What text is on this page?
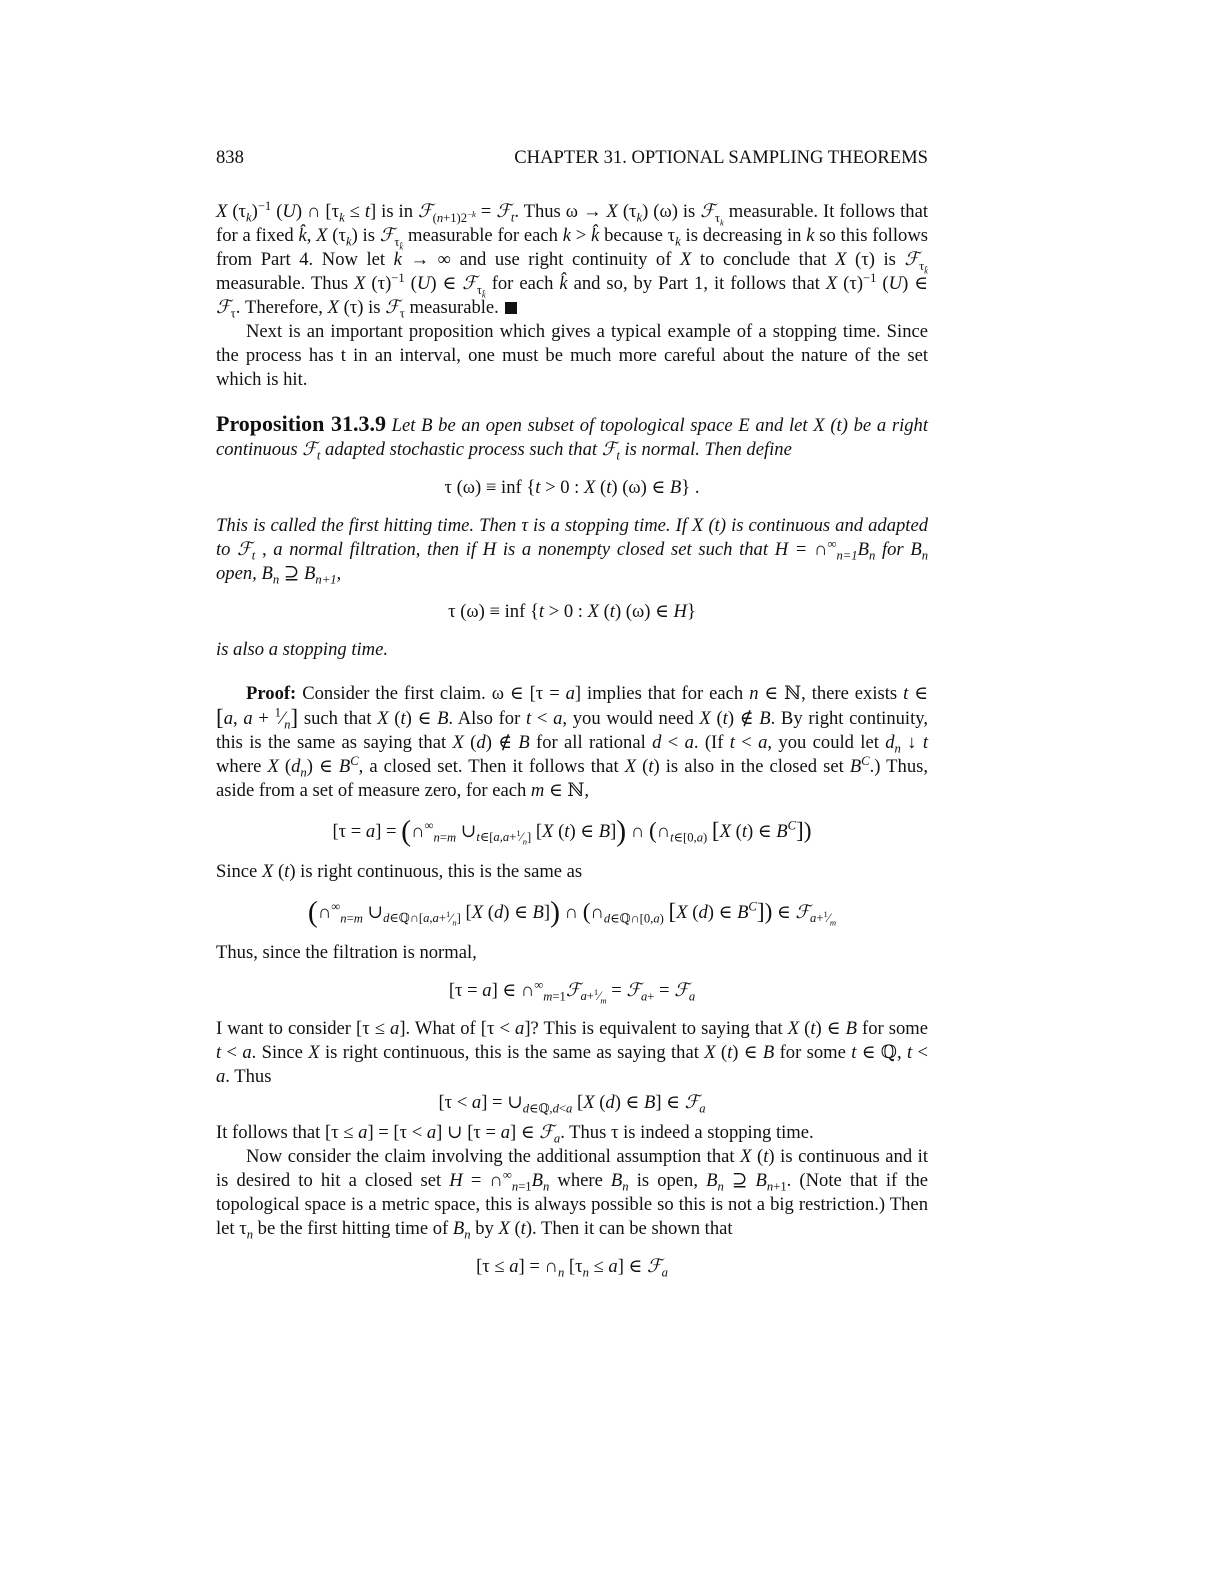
838	CHAPTER 31. OPTIONAL SAMPLING THEOREMS

X $(\tau_k)^{-1}$ (U) ∩ $[\tau_k \le t]$ is in ℱ$_{(n+1)2^{-k}}$ = ℱ$_t$. Thus ω → X $(\tau_k)$ (ω) is ℱ$_{\tau_k}$ measurable. It follows that for a fixed k̂, X $(\tau_k)$ is ℱ$_{\tau_{k̂}}$ measurable for each k > k̂ because $\tau_k$ is decreasing in k so this follows from Part 4. Now let k → ∞ and use right continuity of X to conclude that X (τ) is ℱ$_{\tau_{k̂}}$ measurable. Thus X $(\tau)^{-1}$ (U) ∈ ℱ$_{\tau_{k̂}}$ for each k̂ and so, by Part 1, it follows that X $(\tau)^{-1}$ (U) ∈ ℱ$_\tau$. Therefore, X (τ) is ℱ$_\tau$ measurable.

Next is an important proposition which gives a typical example of a stopping time. Since the process has t in an interval, one must be much more careful about the nature of the set which is hit.

Proposition 31.3.9 Let B be an open subset of topological space E and let X (t) be a right continuous ℱ$_t$ adapted stochastic process such that ℱ$_t$ is normal. Then define

τ (ω) ≡ inf {t > 0 : X (t) (ω) ∈ B} .

This is called the first hitting time. Then τ is a stopping time. If X (t) is continuous and adapted to ℱ$_t$ , a normal filtration, then if H is a nonempty closed set such that $H = \cap^\infty_{n=1}B_n$ for $B_n$ open, $B_n$ ⊇ $B_{n+1}$,

τ (ω) ≡ inf {t > 0 : X (t) (ω) ∈ H}

is also a stopping time.

Proof: Consider the first claim. ω ∈ [τ = a] implies that for each n ∈ ℕ, there exists t ∈ [a, $a + ^1⁄_n$] such that X (t) ∈ B. Also for t < a, you would need X (t) ∉ B. By right continuity, this is the same as saying that X (d) ∉ B for all rational d < a. (If t < a, you could let $d_n$ ↓ t where X $(d_n)$ ∈ $B^C$, a closed set. Then it follows that X (t) is also in the closed set $B^C$.) Thus, aside from a set of measure zero, for each m ∈ ℕ,

$[\tau = a] = (\cap^\infty_{n=m}$ $\cup_{t\in[a,a+^1⁄_n]}$ [X (t) ∈ B]) ∩ ($\cap_{t\in[0,a)}$ [X (t) ∈ $B^C$])

Since X (t) is right continuous, this is the same as

($\cap^\infty_{n=m}$ $\cup_{d\in ℚ\cap[a,a+^1⁄_n]}$ [X (d) ∈ B]) ∩ ($\cap_{d\in ℚ\cap[0,a)}$ [X (d) ∈ $B^C$]) ∈ ℱ$_{a+^1⁄_m}$

Thus, since the filtration is normal,

[τ = a] ∈ $\cap^\infty_{m=1}ℱ_{a+^1⁄_m}$ = ℱ$_{a+}$ = ℱ$_a$

I want to consider [τ ≤ a]. What of [τ < a]? This is equivalent to saying that X (t) ∈ B for some t < a. Since X is right continuous, this is the same as saying that X (t) ∈ B for some t ∈ ℚ, t < a. Thus

$[\tau < a] = \cup_{d\in ℚ,d<a}$ [X (d) ∈ B] ∈ ℱ$_a$

It follows that [τ ≤ a] = [τ < a] ∪ [τ = a] ∈ ℱ$_a$. Thus τ is indeed a stopping time.

Now consider the claim involving the additional assumption that X (t) is continuous and it is desired to hit a closed set $H = \cap^\infty_{n=1}B_n$ where $B_n$ is open, $B_n$ ⊇ $B_{n+1}$. (Note that if the topological space is a metric space, this is always possible so this is not a big restriction.) Then let $\tau_n$ be the first hitting time of $B_n$ by X (t). Then it can be shown that

$[\tau \le a] = \cap_n$ $[\tau_n \le a]$ ∈ ℱ$_a$
